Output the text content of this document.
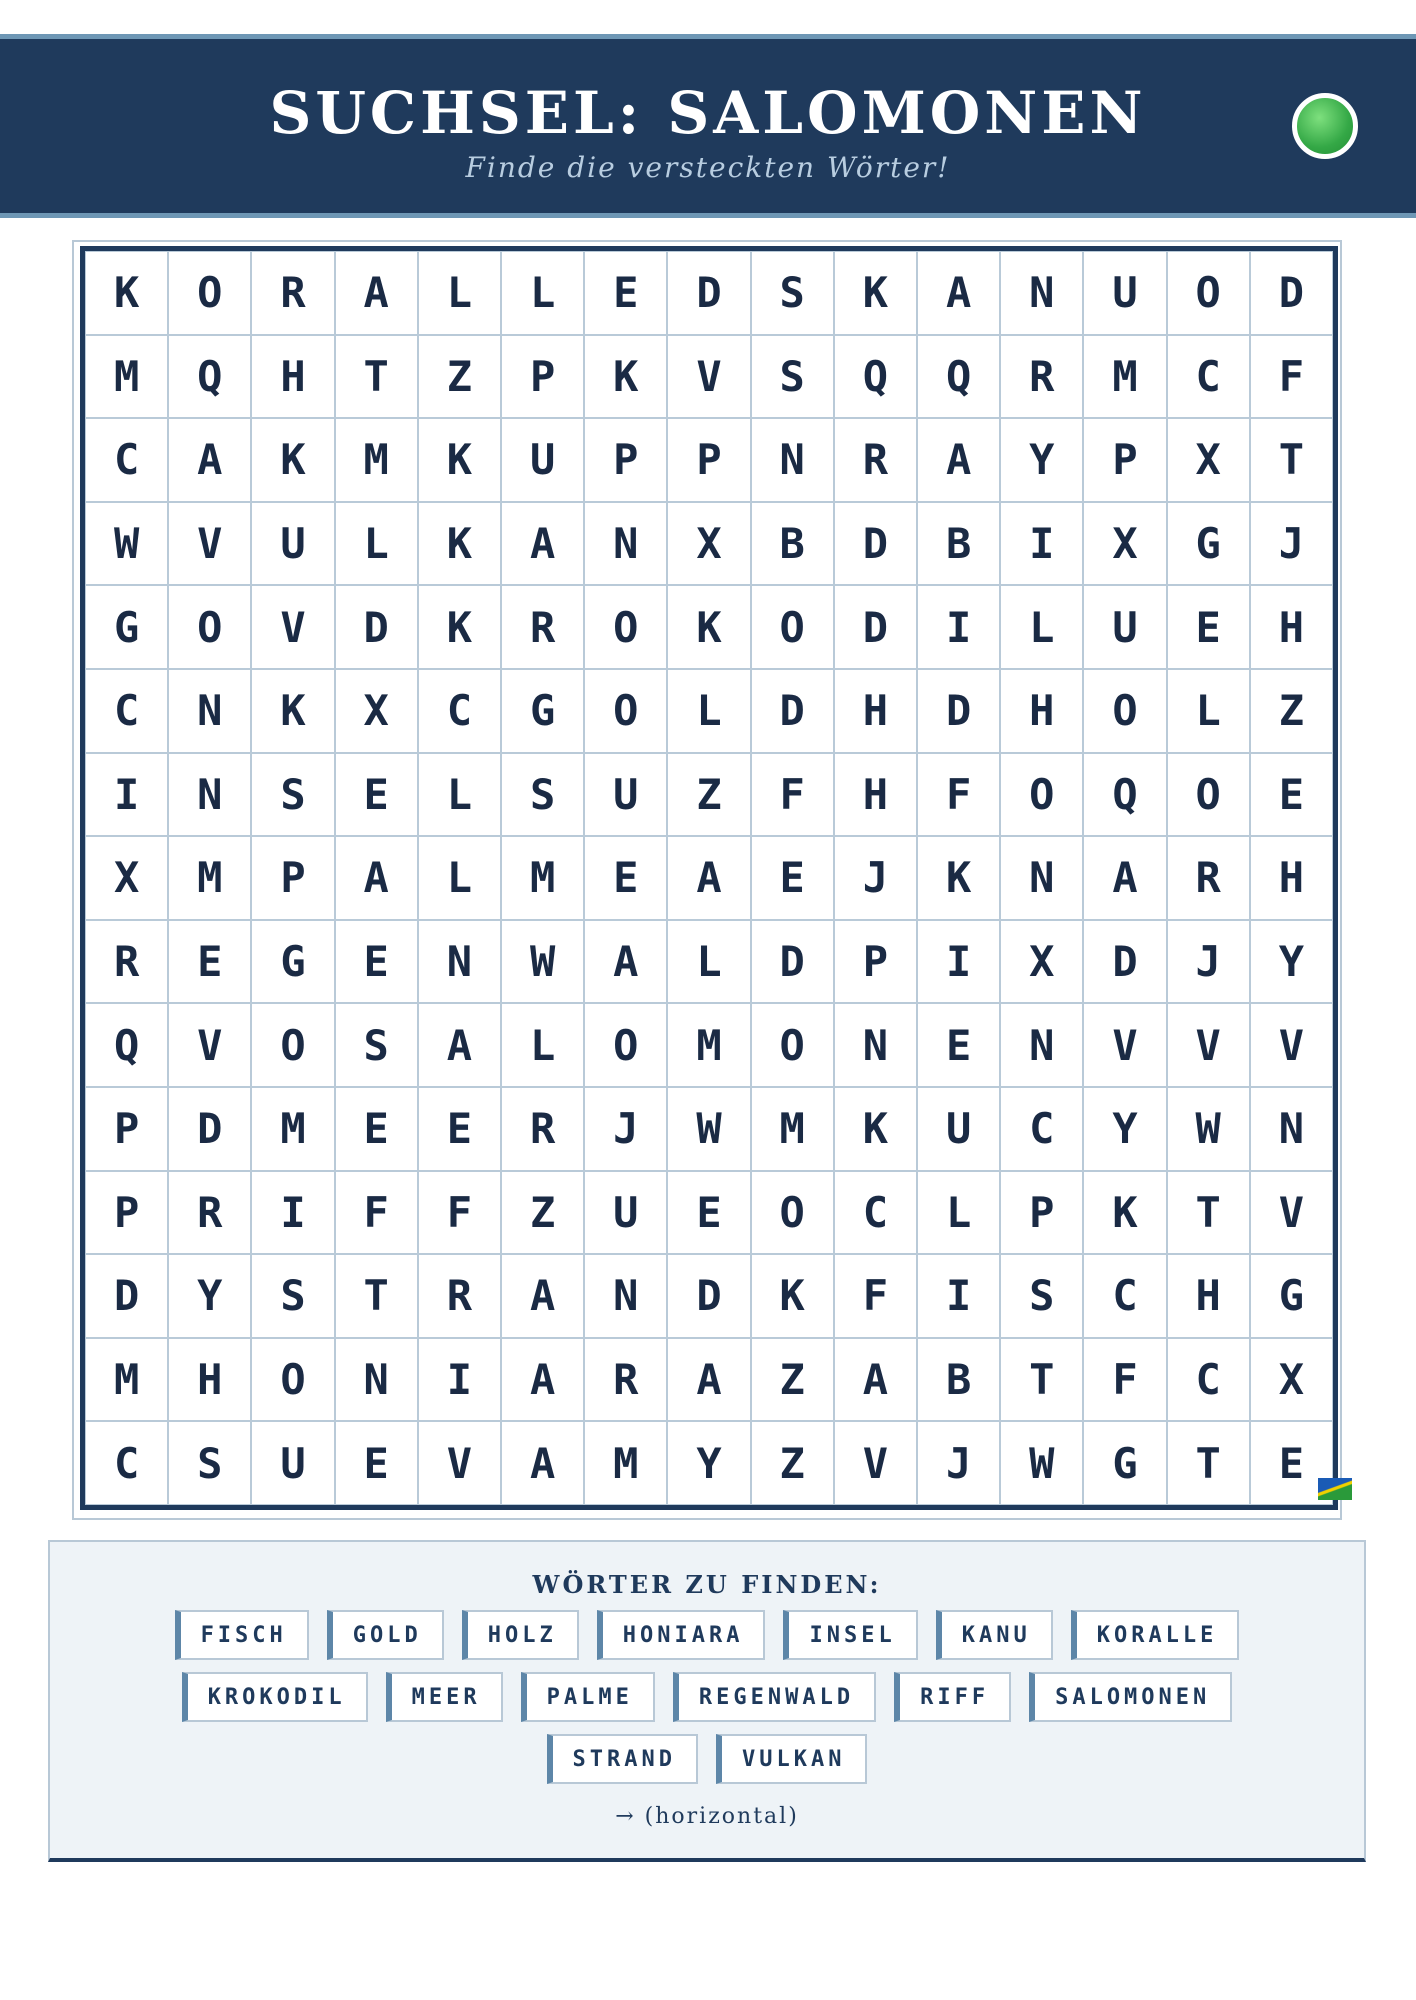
SUCHSEL: SALOMONEN
Finde die versteckten Wörter!
K	O	R	A	L	L	E	D	S	K	A	N	U	O	D
M	Q	H	T	Z	P	K	V	S	Q	Q	R	M	C	F
C	A	K	M	K	U	P	P	N	R	A	Y	P	X	T
W	V	U	L	K	A	N	X	B	D	B	I	X	G	J
G	O	V	D	K	R	O	K	O	D	I	L	U	E	H
C	N	K	X	C	G	O	L	D	H	D	H	O	L	Z
I	N	S	E	L	S	U	Z	F	H	F	O	Q	O	E
X	M	P	A	L	M	E	A	E	J	K	N	A	R	H
R	E	G	E	N	W	A	L	D	P	I	X	D	J	Y
Q	V	O	S	A	L	O	M	O	N	E	N	V	V	V
P	D	M	E	E	R	J	W	M	K	U	C	Y	W	N
P	R	I	F	F	Z	U	E	O	C	L	P	K	T	V
D	Y	S	T	R	A	N	D	K	F	I	S	C	H	G
M	H	O	N	I	A	R	A	Z	A	B	T	F	C	X
C	S	U	E	V	A	M	Y	Z	V	J	W	G	T	E
WÖRTER ZU FINDEN:
FISCH	GOLD	HOLZ	HONIARA	INSEL	KANU	KORALLE
KROKODIL	MEER	PALME	REGENWALD	RIFF	SALOMONEN
STRAND	VULKAN
→ (horizontal)
